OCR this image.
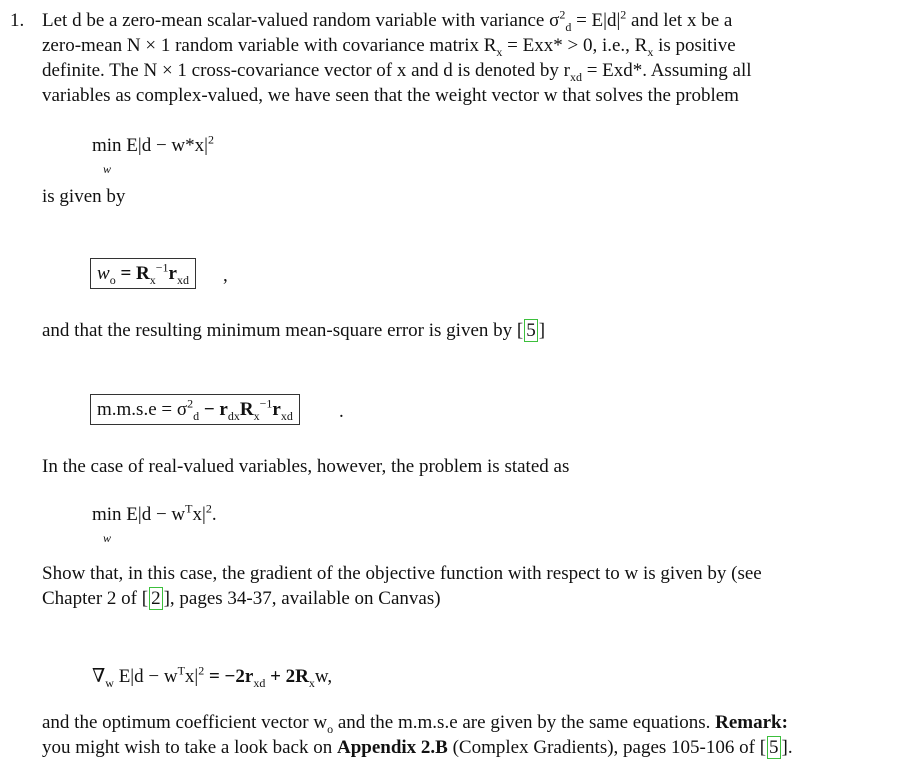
1. Let d be a zero-mean scalar-valued random variable with variance $\sigma^2_d = E|d|^2$ and let x be a
zero-mean N × 1 random variable with covariance matrix $R_x = Exx* > 0$, i.e., $R_x$ is positive
definite. The N × 1 cross-covariance vector of x and d is denoted by $r_{xd} = Exd*$. Assuming all
variables as complex-valued, we have seen that the weight vector w that solves the problem
$\min E|d - w*x|^2$
w
is given by
$w_o = R_x^{-1}r_{xd}$	,
and that the resulting minimum mean-square error is given by [ 5 ]
$m.m.s.e = \sigma^2_d - r_{dx}R_x^{-1}r_{xd}$	.
In the case of real-valued variables, however, the problem is stated as
$\min E|d - w^Tx|^2$.
w
Show that, in this case, the gradient of the objective function with respect to w is given by (see
Chapter 2 of [ 2 ], pages 34-37, available on Canvas)
$\nabla_w$ $E|d - w^Tx|^2 = -2r_{xd} + 2R_xw$,
and the optimum coefficient vector $w_o$ and the m.m.s.e are given by the same equations. Remark:
you might wish to take a look back on Appendix 2.B (Complex Gradients), pages 105-106 of [ 5 ].
